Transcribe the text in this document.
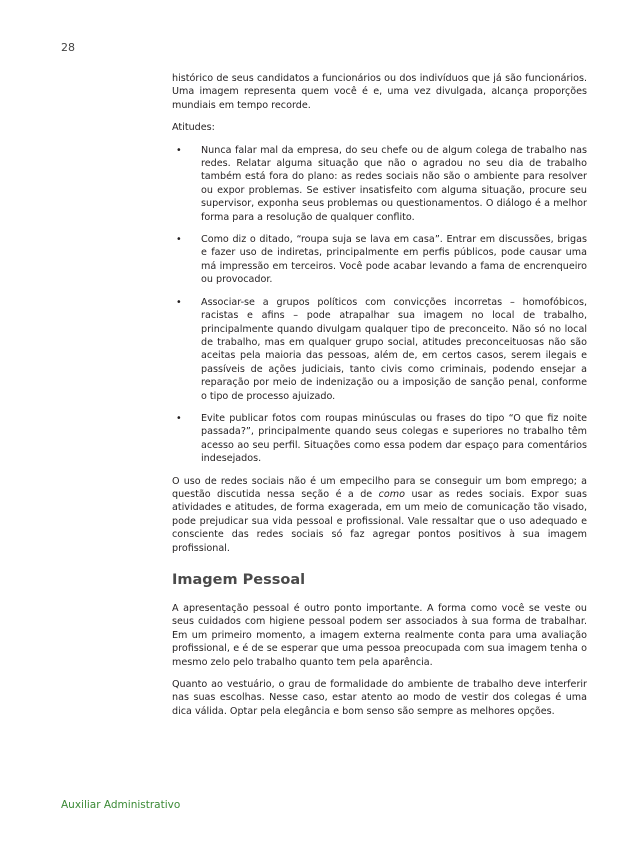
28

histórico de seus candidatos a funcionários ou dos indivíduos que já são funcionários. Uma imagem representa quem você é e, uma vez divulgada, alcança proporções mundiais em tempo recorde.

Atitudes:

• Nunca falar mal da empresa, do seu chefe ou de algum colega de trabalho nas redes. Relatar alguma situação que não o agradou no seu dia de trabalho também está fora do plano: as redes sociais não são o ambiente para resolver ou expor problemas. Se estiver insatisfeito com alguma situação, procure seu supervisor, exponha seus problemas ou questionamentos. O diálogo é a melhor forma para a resolução de qualquer conflito.
• Como diz o ditado, “roupa suja se lava em casa”. Entrar em discussões, brigas e fazer uso de indiretas, principalmente em perfis públicos, pode causar uma má impressão em terceiros. Você pode acabar levando a fama de encrenqueiro ou provocador.
• Associar-se a grupos políticos com convicções incorretas – homofóbicos, racistas e afins – pode atrapalhar sua imagem no local de trabalho, principalmente quando divulgam qualquer tipo de preconceito. Não só no local de trabalho, mas em qualquer grupo social, atitudes preconceituosas não são aceitas pela maioria das pessoas, além de, em certos casos, serem ilegais e passíveis de ações judiciais, tanto civis como criminais, podendo ensejar a reparação por meio de indenização ou a imposição de sanção penal, conforme o tipo de processo ajuizado.
• Evite publicar fotos com roupas minúsculas ou frases do tipo “O que fiz noite passada?”, principalmente quando seus colegas e superiores no trabalho têm acesso ao seu perfil. Situações como essa podem dar espaço para comentários indesejados.

O uso de redes sociais não é um empecilho para se conseguir um bom emprego; a questão discutida nessa seção é a de como usar as redes sociais. Expor suas atividades e atitudes, de forma exagerada, em um meio de comunicação tão visado, pode prejudicar sua vida pessoal e profissional. Vale ressaltar que o uso adequado e consciente das redes sociais só faz agregar pontos positivos à sua imagem profissional.

Imagem Pessoal

A apresentação pessoal é outro ponto importante. A forma como você se veste ou seus cuidados com higiene pessoal podem ser associados à sua forma de trabalhar. Em um primeiro momento, a imagem externa realmente conta para uma avaliação profissional, e é de se esperar que uma pessoa preocupada com sua imagem tenha o mesmo zelo pelo trabalho quanto tem pela aparência.

Quanto ao vestuário, o grau de formalidade do ambiente de trabalho deve interferir nas suas escolhas. Nesse caso, estar atento ao modo de vestir dos colegas é uma dica válida. Optar pela elegância e bom senso são sempre as melhores opções.

Auxiliar Administrativo
